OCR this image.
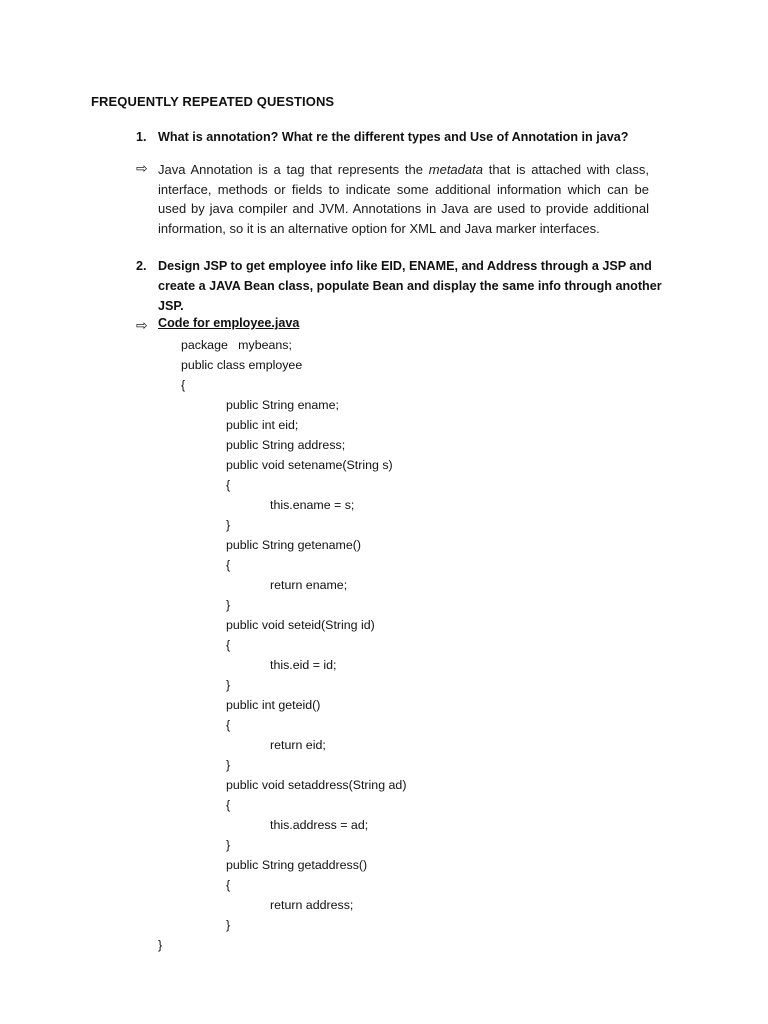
FREQUENTLY REPEATED QUESTIONS
1. What is annotation? What re the different types and Use of Annotation in java?
⇨ Java Annotation is a tag that represents the metadata that is attached with class, interface, methods or fields to indicate some additional information which can be used by java compiler and JVM. Annotations in Java are used to provide additional information, so it is an alternative option for XML and Java marker interfaces.
2. Design JSP to get employee info like EID, ENAME, and Address through a JSP and create a JAVA Bean class, populate Bean and display the same info through another JSP.
⇨ Code for employee.java
package   mybeans;
public class employee
{
public String ename;
public int eid;
public String address;
public void setename(String s)
{
this.ename = s;
}
public String getename()
{
return ename;
}
public void seteid(String id)
{
this.eid = id;
}
public int geteid()
{
return eid;
}
public void setaddress(String ad)
{
this.address = ad;
}
public String getaddress()
{
return address;
}
}
